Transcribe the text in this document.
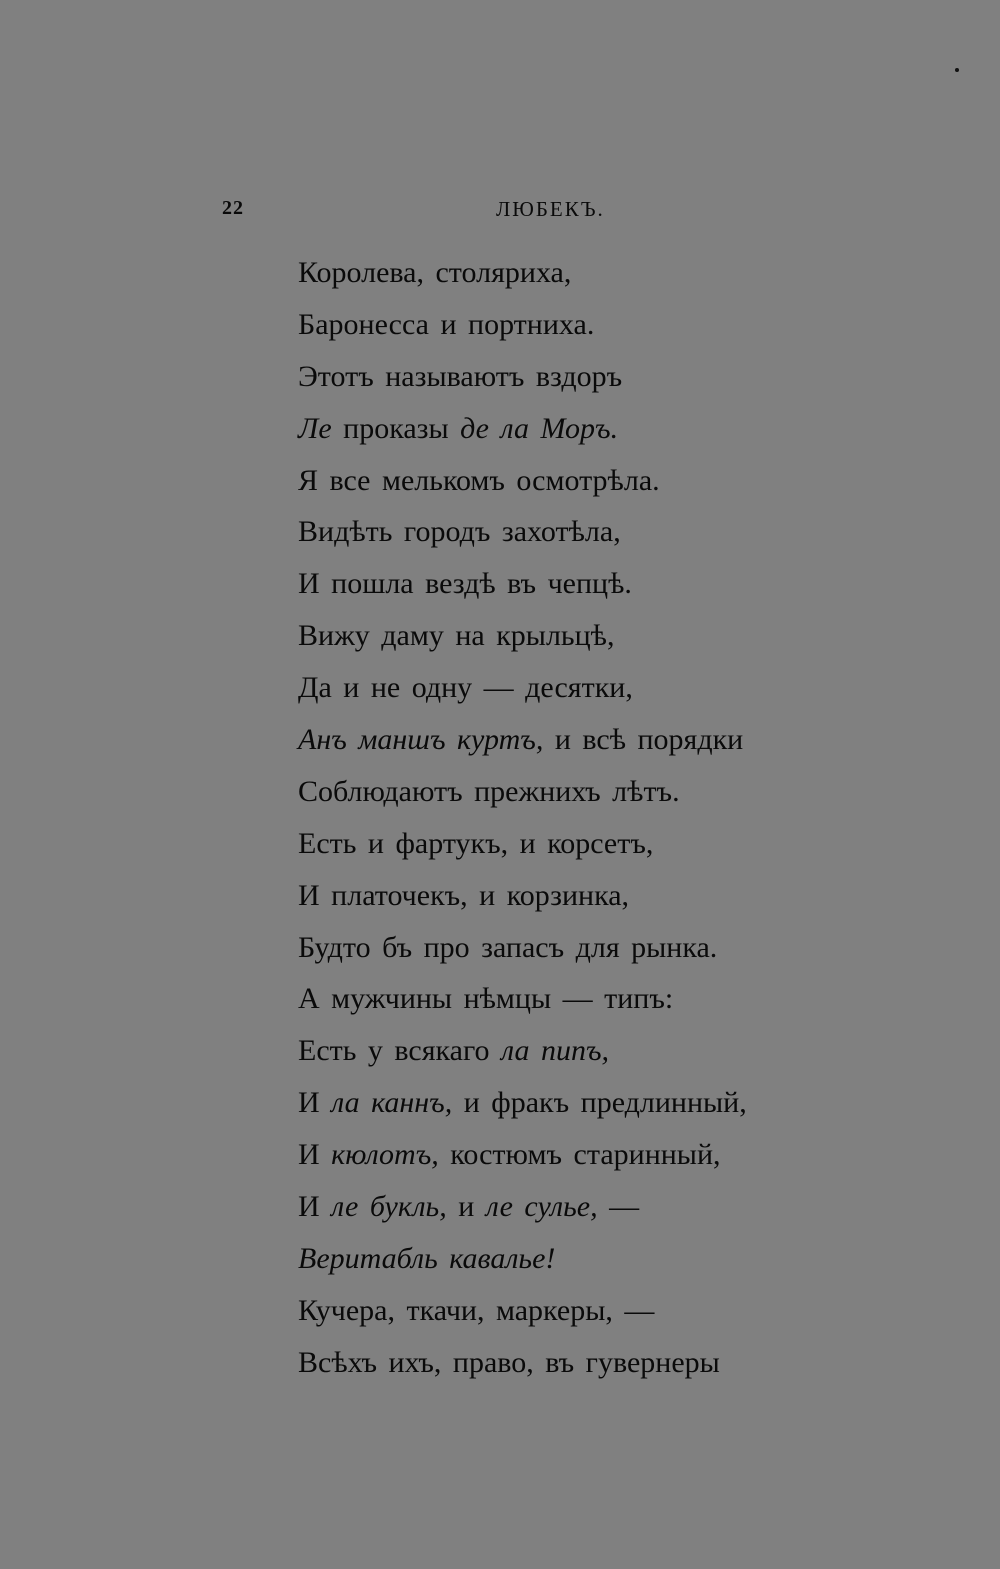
22	ЛЮБЕКЪ.
Королева, столяриха,
Баронесса и портниха.
Этотъ называютъ вздоръ
Ле проказы де ла Моръ.
Я все мелькомъ осмотрѣла.
Видѣть городъ захотѣла,
И пошла вездѣ въ чепцѣ.
Вижу даму на крыльцѣ,
Да и не одну — десятки,
Анъ маншъ куртъ, и всѣ порядки
Соблюдаютъ прежнихъ лѣтъ.
Есть и фартукъ, и корсетъ,
И платочекъ, и корзинка,
Будто бъ про запасъ для рынка.
А мужчины нѣмцы — типъ:
Есть у всякаго ла пипъ,
И ла каннъ, и фракъ предлинный,
И кюлотъ, костюмъ старинный,
И ле букль, и ле сулье, —
Веритабль кавалье!
Кучера, ткачи, маркеры, —
Всѣхъ ихъ, право, въ гувернеры
